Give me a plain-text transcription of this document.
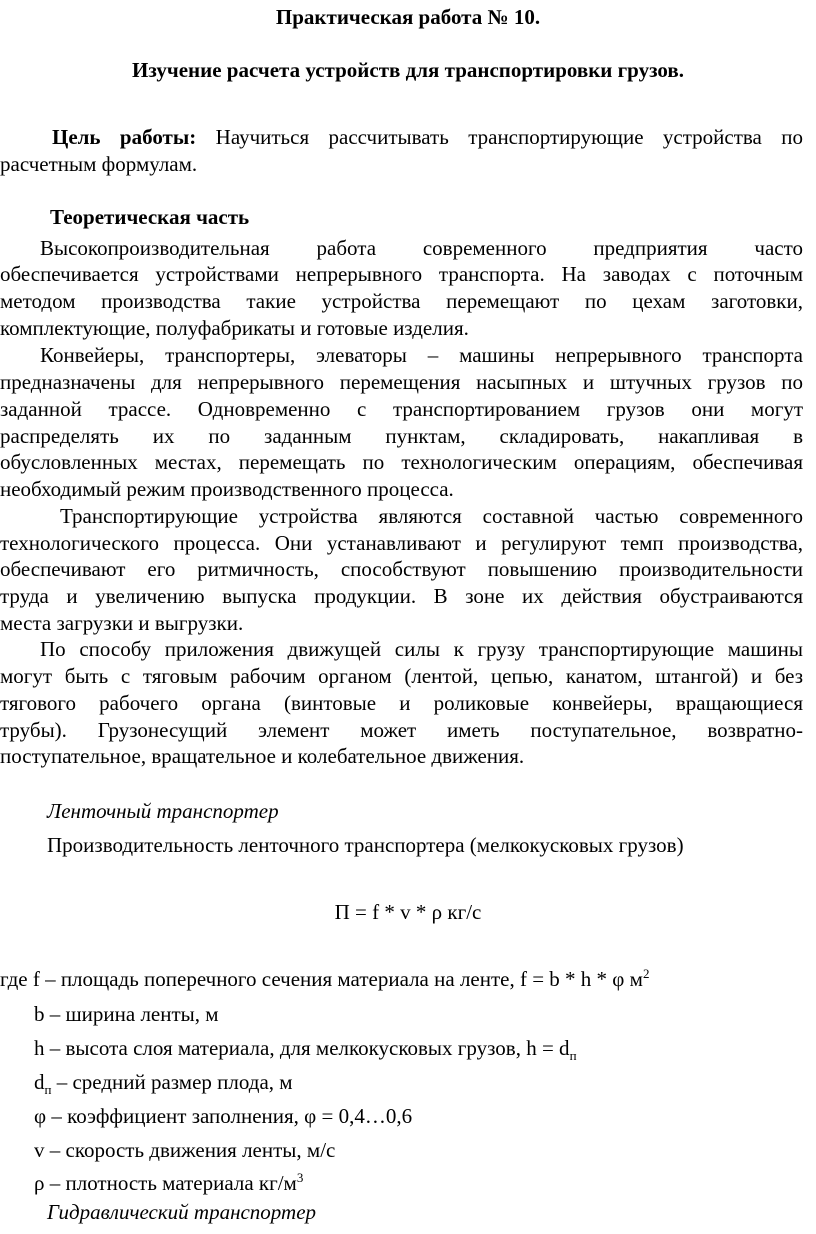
Практическая работа № 10.
Изучение расчета устройств для транспортировки грузов.
Цель работы: Научиться рассчитывать транспортирующие устройства по
расчетным формулам.
Теоретическая часть
Высокопроизводительная работа современного предприятия часто
обеспечивается устройствами непрерывного транспорта. На заводах с поточным
методом производства такие устройства перемещают по цехам заготовки,
комплектующие, полуфабрикаты и готовые изделия.
Конвейеры, транспортеры, элеваторы – машины непрерывного транспорта
предназначены для непрерывного перемещения насыпных и штучных грузов по
заданной трассе. Одновременно с транспортированием грузов они могут
распределять их по заданным пунктам, складировать, накапливая в
обусловленных местах, перемещать по технологическим операциям, обеспечивая
необходимый режим производственного процесса.
Транспортирующие устройства являются составной частью современного
технологического процесса. Они устанавливают и регулируют темп производства,
обеспечивают его ритмичность, способствуют повышению производительности
труда и увеличению выпуска продукции. В зоне их действия обустраиваются
места загрузки и выгрузки.
По способу приложения движущей силы к грузу транспортирующие машины
могут быть с тяговым рабочим органом (лентой, цепью, канатом, штангой) и без
тягового рабочего органа (винтовые и роликовые конвейеры, вращающиеся
трубы). Грузонесущий элемент может иметь поступательное, возвратно-
поступательное, вращательное и колебательное движения.
Ленточный транспортер
Производительность ленточного транспортера (мелкокусковых грузов)
П = f * v * ρ кг/с
где f – площадь поперечного сечения материала на ленте, f = b * h * φ $м^2$
b – ширина ленты, м
h – высота слоя материала, для мелкокусковых грузов, $h = d_п$
$d_п$ – средний размер плода, м
φ – коэффициент заполнения, φ = 0,4…0,6
v – скорость движения ленты, м/с
ρ – плотность материала $кг/м^3$
Гидравлический транспортер
